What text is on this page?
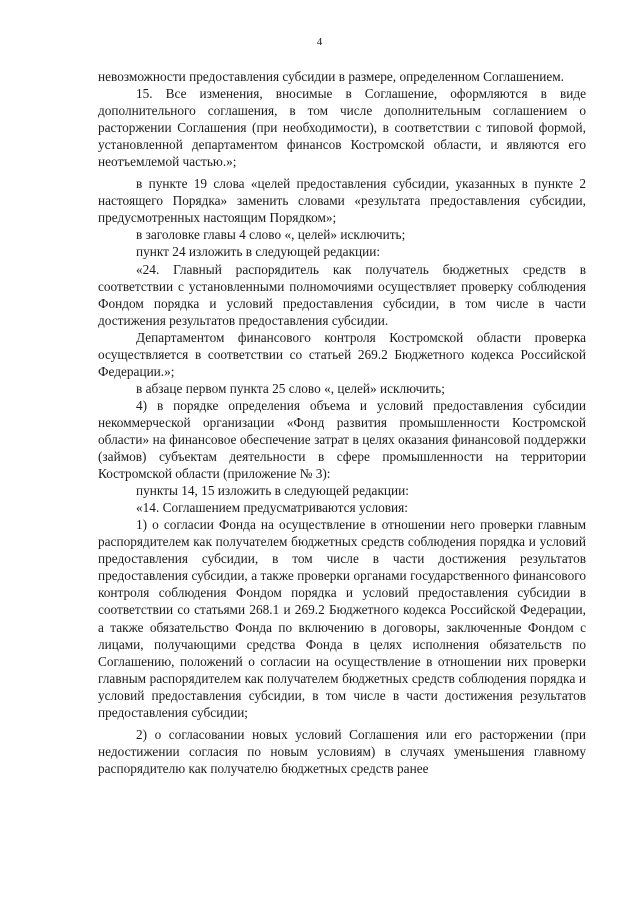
4

невозможности предоставления субсидии в размере, определенном Соглашением.

15. Все изменения, вносимые в Соглашение, оформляются в виде дополнительного соглашения, в том числе дополнительным соглашением о расторжении Соглашения (при необходимости), в соответствии с типовой формой, установленной департаментом финансов Костромской области, и являются его неотъемлемой частью.»;

в пункте 19 слова «целей предоставления субсидии, указанных в пункте 2 настоящего Порядка» заменить словами «результата предоставления субсидии, предусмотренных настоящим Порядком»;

в заголовке главы 4 слово «, целей» исключить;

пункт 24 изложить в следующей редакции:

«24. Главный распорядитель как получатель бюджетных средств в соответствии с установленными полномочиями осуществляет проверку соблюдения Фондом порядка и условий предоставления субсидии, в том числе в части достижения результатов предоставления субсидии.

Департаментом финансового контроля Костромской области проверка осуществляется в соответствии со статьей 269.2 Бюджетного кодекса Российской Федерации.»;

в абзаце первом пункта 25 слово «, целей» исключить;

4) в порядке определения объема и условий предоставления субсидии некоммерческой организации «Фонд развития промышленности Костромской области» на финансовое обеспечение затрат в целях оказания финансовой поддержки (займов) субъектам деятельности в сфере промышленности на территории Костромской области (приложение № 3):

пункты 14, 15 изложить в следующей редакции:

«14. Соглашением предусматриваются условия:

1) о согласии Фонда на осуществление в отношении него проверки главным распорядителем как получателем бюджетных средств соблюдения порядка и условий предоставления субсидии, в том числе в части достижения результатов предоставления субсидии, а также проверки органами государственного финансового контроля соблюдения Фондом порядка и условий предоставления субсидии в соответствии со статьями 268.1 и 269.2 Бюджетного кодекса Российской Федерации, а также обязательство Фонда по включению в договоры, заключенные Фондом с лицами, получающими средства Фонда в целях исполнения обязательств по Соглашению, положений о согласии на осуществление в отношении них проверки главным распорядителем как получателем бюджетных средств соблюдения порядка и условий предоставления субсидии, в том числе в части достижения результатов предоставления субсидии;

2) о согласовании новых условий Соглашения или его расторжении (при недостижении согласия по новым условиям) в случаях уменьшения главному распорядителю как получателю бюджетных средств ранее
